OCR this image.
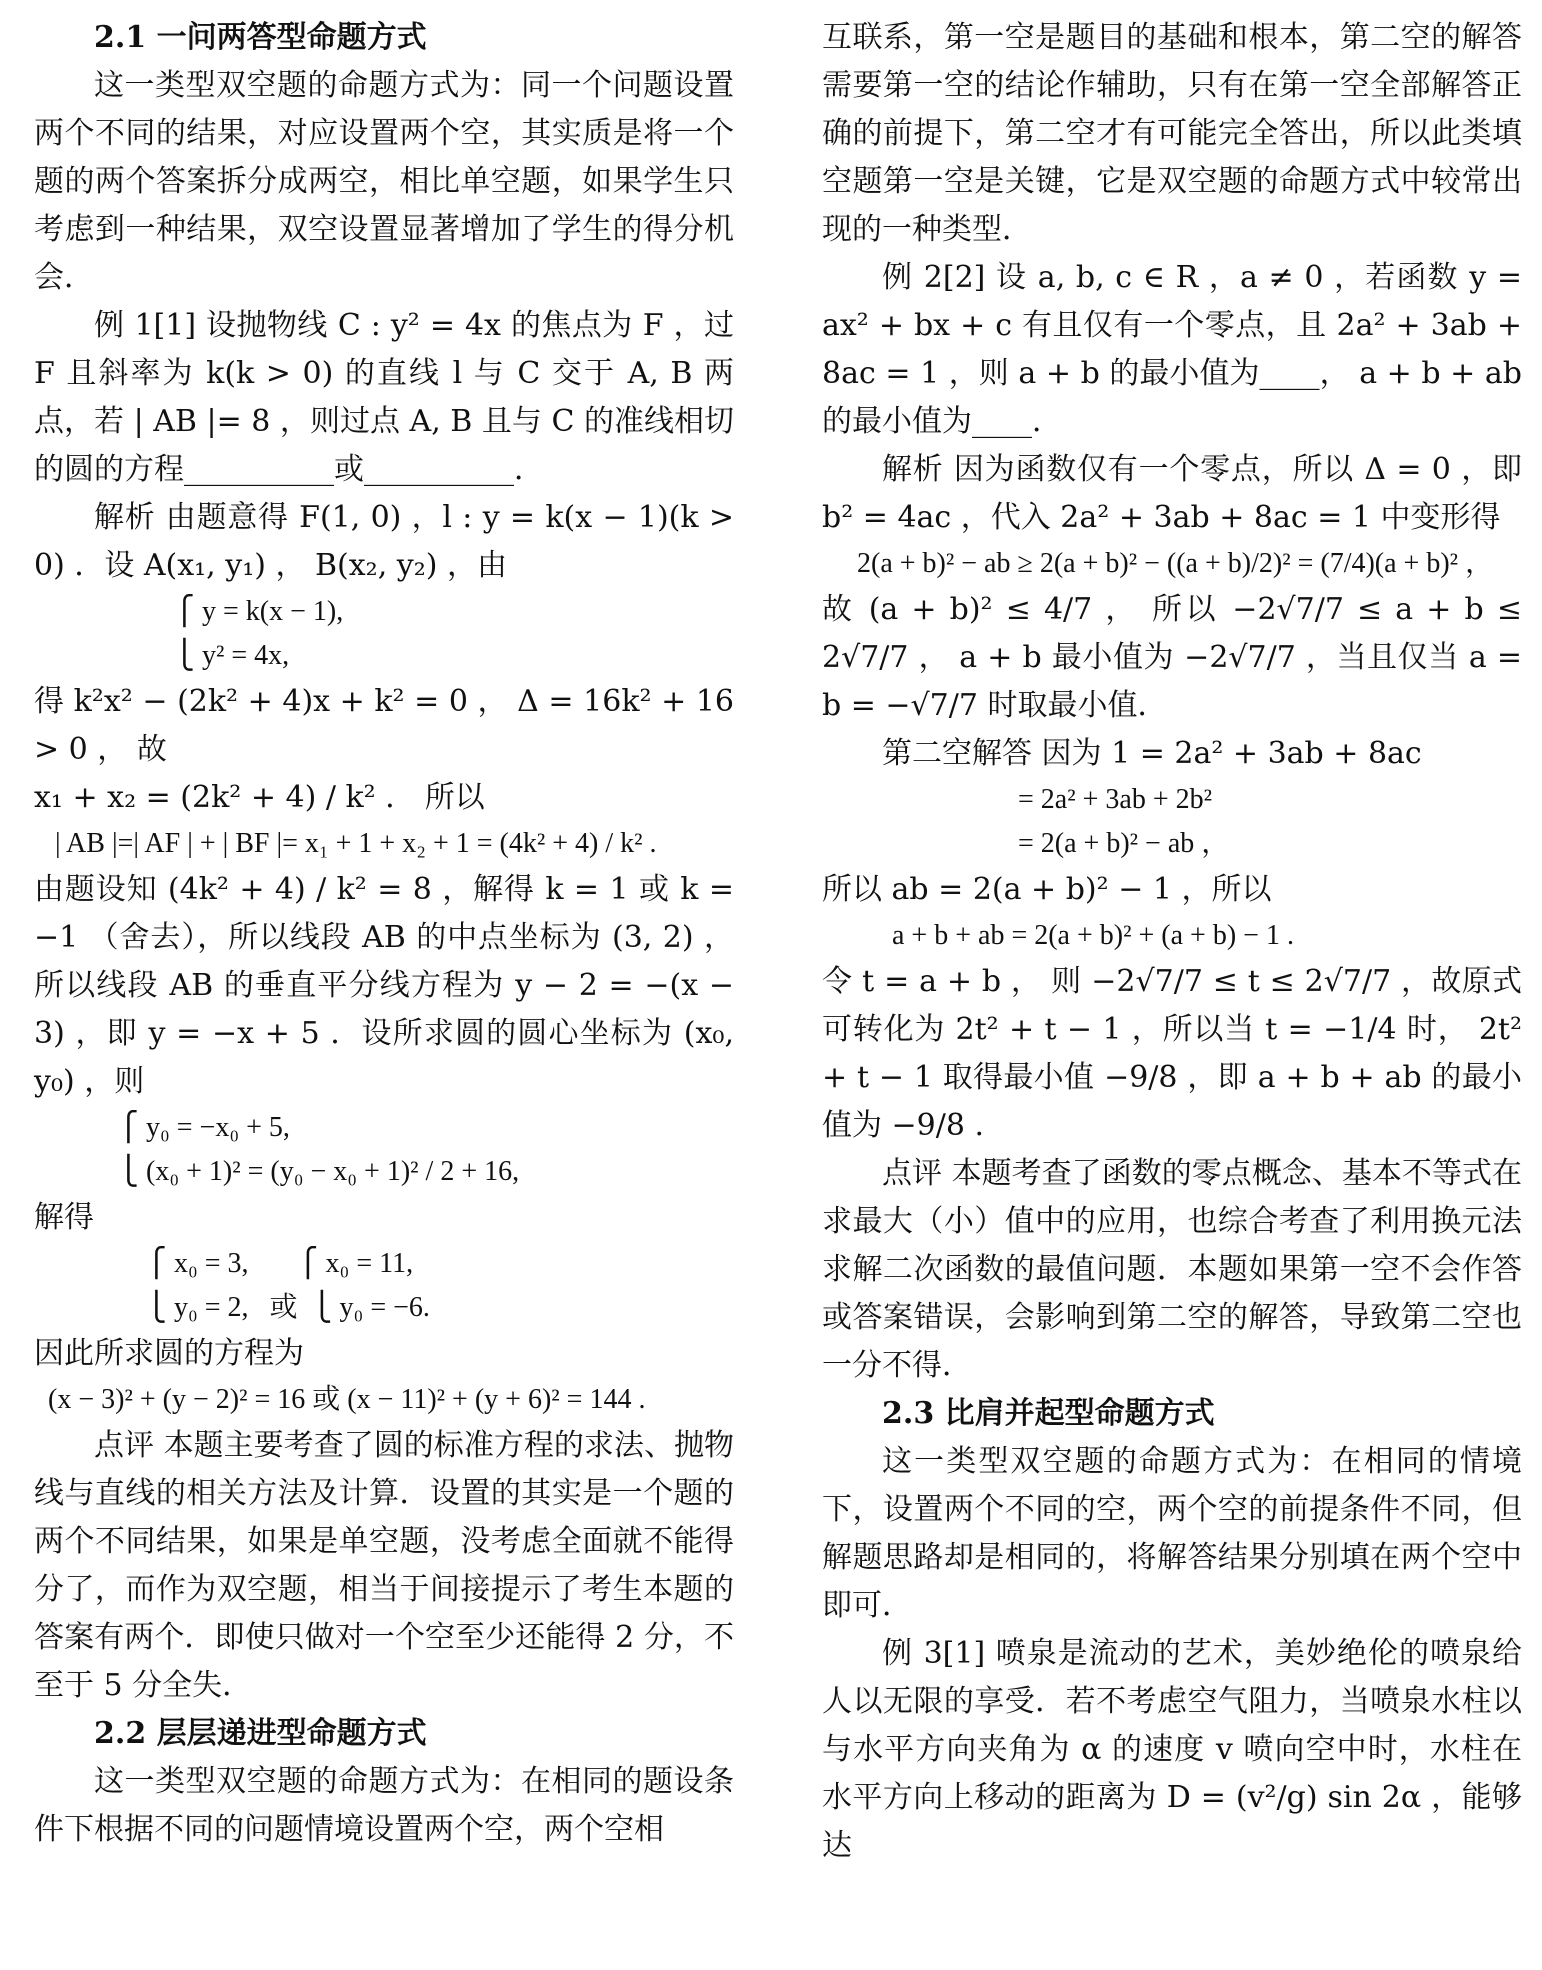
2.1 一问两答型命题方式

这一类型双空题的命题方式为：同一个问题设置两个不同的结果，对应设置两个空，其实质是将一个题的两个答案拆分成两空，相比单空题，如果学生只考虑到一种结果，双空设置显著增加了学生的得分机会．

例 1[1] 设抛物线 C : y² = 4x 的焦点为 F ，过 F 且斜率为 k(k > 0) 的直线 l 与 C 交于 A, B 两点，若 | AB |= 8 ，则过点 A, B 且与 C 的准线相切的圆的方程__________或__________．

解析 由题意得 F(1, 0) ，l : y = k(x − 1)(k > 0) ．设 A(x₁, y₁) ， B(x₂, y₂) ，由

⎧ y = k(x − 1),

⎩ y² = 4x,

得 k²x² − (2k² + 4)x + k² = 0 ， Δ = 16k² + 16 > 0 ， 故

x₁ + x₂ = (2k² + 4) / k² ． 所以

| AB |=| AF | + | BF |= x₁ + 1 + x₂ + 1 = (4k² + 4) / k² .

由题设知 (4k² + 4) / k² = 8 ，解得 k = 1 或 k = −1 （舍去），所以线段 AB 的中点坐标为 (3, 2) ，所以线段 AB 的垂直平分线方程为 y − 2 = −(x − 3) ，即 y = −x + 5 ．设所求圆的圆心坐标为 (x₀, y₀) ，则

⎧ y₀ = −x₀ + 5,

⎩ (x₀ + 1)² = (y₀ − x₀ + 1)² / 2 + 16,

解得

⎧ x₀ = 3,       ⎧ x₀ = 11,

⎩ y₀ = 2,   或  ⎩ y₀ = −6.

因此所求圆的方程为

(x − 3)² + (y − 2)² = 16 或 (x − 11)² + (y + 6)² = 144 .

点评 本题主要考查了圆的标准方程的求法、抛物线与直线的相关方法及计算．设置的其实是一个题的两个不同结果，如果是单空题，没考虑全面就不能得分了，而作为双空题，相当于间接提示了考生本题的答案有两个．即使只做对一个空至少还能得 2 分，不至于 5 分全失．

2.2 层层递进型命题方式

这一类型双空题的命题方式为：在相同的题设条件下根据不同的问题情境设置两个空，两个空相

互联系，第一空是题目的基础和根本，第二空的解答需要第一空的结论作辅助，只有在第一空全部解答正确的前提下，第二空才有可能完全答出，所以此类填空题第一空是关键，它是双空题的命题方式中较常出现的一种类型．

例 2[2] 设 a, b, c ∈ R ，a ≠ 0 ，若函数 y = ax² + bx + c 有且仅有一个零点，且 2a² + 3ab + 8ac = 1 ，则 a + b 的最小值为____， a + b + ab 的最小值为____．

解析 因为函数仅有一个零点，所以 Δ = 0 ，即 b² = 4ac ，代入 2a² + 3ab + 8ac = 1 中变形得

2(a + b)² − ab ≥ 2(a + b)² − ((a + b)/2)² = (7/4)(a + b)² ，

故 (a + b)² ≤ 4/7 ， 所以 −2√7/7 ≤ a + b ≤ 2√7/7 ， a + b 最小值为 −2√7/7 ，当且仅当 a = b = −√7/7 时取最小值．

第二空解答 因为 1 = 2a² + 3ab + 8ac

= 2a² + 3ab + 2b²

= 2(a + b)² − ab ，

所以 ab = 2(a + b)² − 1 ，所以

a + b + ab = 2(a + b)² + (a + b) − 1 .

令 t = a + b ， 则 −2√7/7 ≤ t ≤ 2√7/7 ，故原式可转化为 2t² + t − 1 ，所以当 t = −1/4 时， 2t² + t − 1 取得最小值 −9/8 ，即 a + b + ab 的最小值为 −9/8 .

点评 本题考查了函数的零点概念、基本不等式在求最大（小）值中的应用，也综合考查了利用换元法求解二次函数的最值问题．本题如果第一空不会作答或答案错误，会影响到第二空的解答，导致第二空也一分不得．

2.3 比肩并起型命题方式

这一类型双空题的命题方式为：在相同的情境下，设置两个不同的空，两个空的前提条件不同，但解题思路却是相同的，将解答结果分别填在两个空中即可．

例 3[1] 喷泉是流动的艺术，美妙绝伦的喷泉给人以无限的享受．若不考虑空气阻力，当喷泉水柱以与水平方向夹角为 α 的速度 v 喷向空中时，水柱在水平方向上移动的距离为 D = (v²/g) sin 2α ，能够达
